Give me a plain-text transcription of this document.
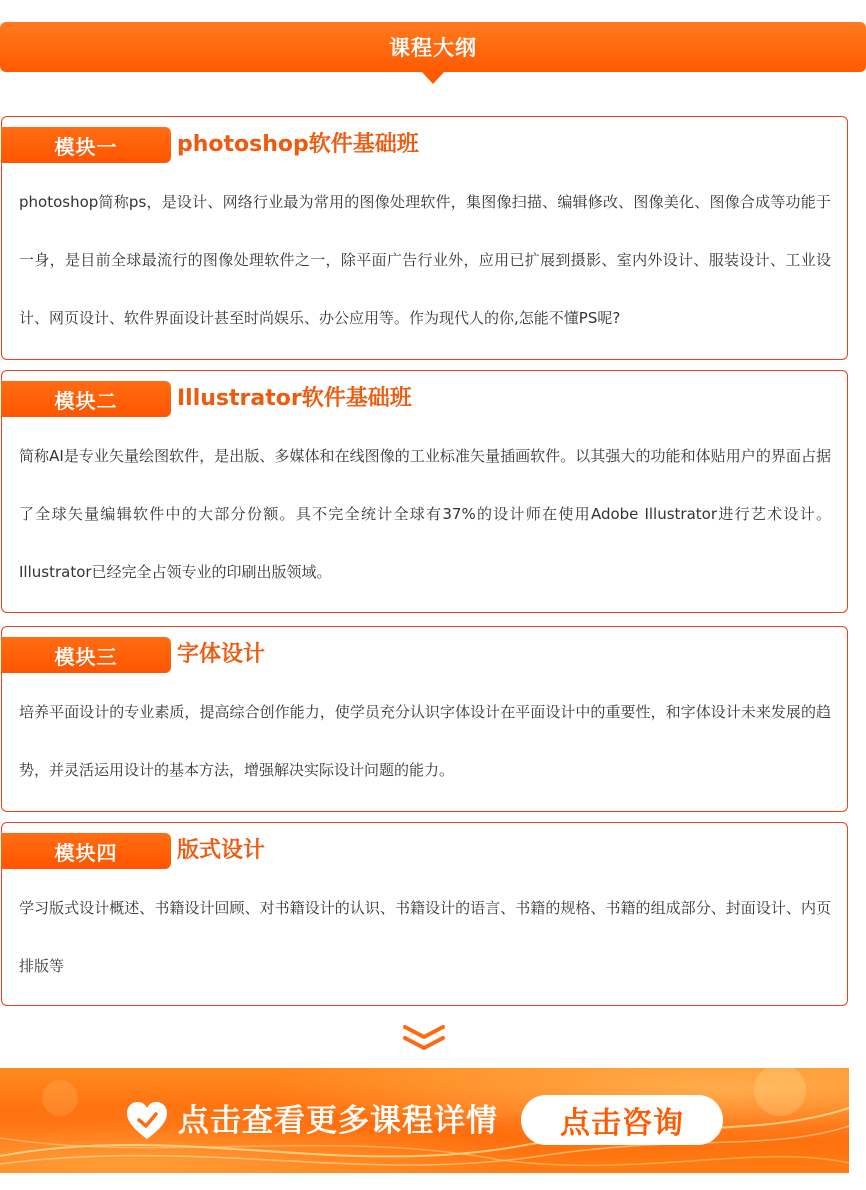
课程大纲
模块一	photoshop软件基础班
photoshop简称ps，是设计、网络行业最为常用的图像处理软件，集图像扫描、编辑修改、图像美化、图像合成等功能于一身，是目前全球最流行的图像处理软件之一，除平面广告行业外，应用已扩展到摄影、室内外设计、服装设计、工业设计、网页设计、软件界面设计甚至时尚娱乐、办公应用等。作为现代人的你,怎能不懂PS呢?
模块二	Illustrator软件基础班
简称AI是专业矢量绘图软件，是出版、多媒体和在线图像的工业标准矢量插画软件。以其强大的功能和体贴用户的界面占据了全球矢量编辑软件中的大部分份额。具不完全统计全球有37%的设计师在使用Adobe Illustrator进行艺术设计。Illustrator已经完全占领专业的印刷出版领域。
模块三	字体设计
培养平面设计的专业素质，提高综合创作能力，使学员充分认识字体设计在平面设计中的重要性，和字体设计未来发展的趋势，并灵活运用设计的基本方法，增强解决实际设计问题的能力。
模块四	版式设计
学习版式设计概述、书籍设计回顾、对书籍设计的认识、书籍设计的语言、书籍的规格、书籍的组成部分、封面设计、内页排版等
点击查看更多课程详情	点击咨询
